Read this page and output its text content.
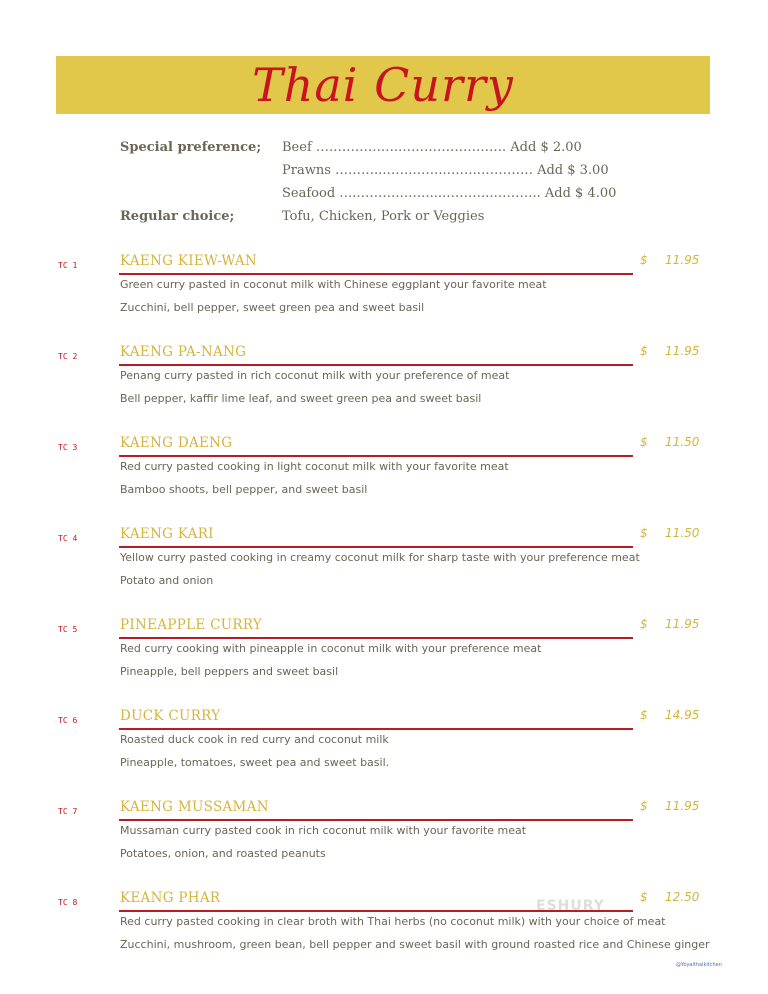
Thai Curry
Special preference; Beef ……………….……………………. Add $ 2.00
Prawns ………..…….……..……..………… Add $ 3.00
Seafood ….……….…….....………..……….. Add $ 4.00
Regular choice;	Tofu, Chicken, Pork or Veggies
TC 1	KAENG KIEW-WAN	$ 11.95
Green curry pasted in coconut milk with Chinese eggplant your favorite meat
Zucchini, bell pepper, sweet green pea and sweet basil
TC 2	KAENG PA-NANG	$ 11.95
Penang curry pasted in rich coconut milk with your preference of meat
Bell pepper, kaffir lime leaf, and sweet green pea and sweet basil
TC 3	KAENG DAENG	$ 11.50
Red curry pasted cooking in light coconut milk with your favorite meat
Bamboo shoots, bell pepper, and sweet basil
TC 4	KAENG KARI	$ 11.50
Yellow curry pasted cooking in creamy coconut milk for sharp taste with your preference meat
Potato and onion
TC 5	PINEAPPLE CURRY	$ 11.95
Red curry cooking with pineapple in coconut milk with your preference meat
Pineapple, bell peppers and sweet basil
TC 6	DUCK CURRY	$ 14.95
Roasted duck cook in red curry and coconut milk
Pineapple, tomatoes, sweet pea and sweet basil.
TC 7	KAENG MUSSAMAN	$ 11.95
Mussaman curry pasted cook in rich coconut milk with your favorite meat
Potatoes, onion, and roasted peanuts
TC 8	KEANG PHAR	$ 12.50
Red curry pasted cooking in clear broth with Thai herbs (no coconut milk) with your choice of meat
Zucchini, mushroom, green bean, bell pepper and sweet basil with ground roasted rice and Chinese ginger
ESHURY
@Yoyaithaikitchen
